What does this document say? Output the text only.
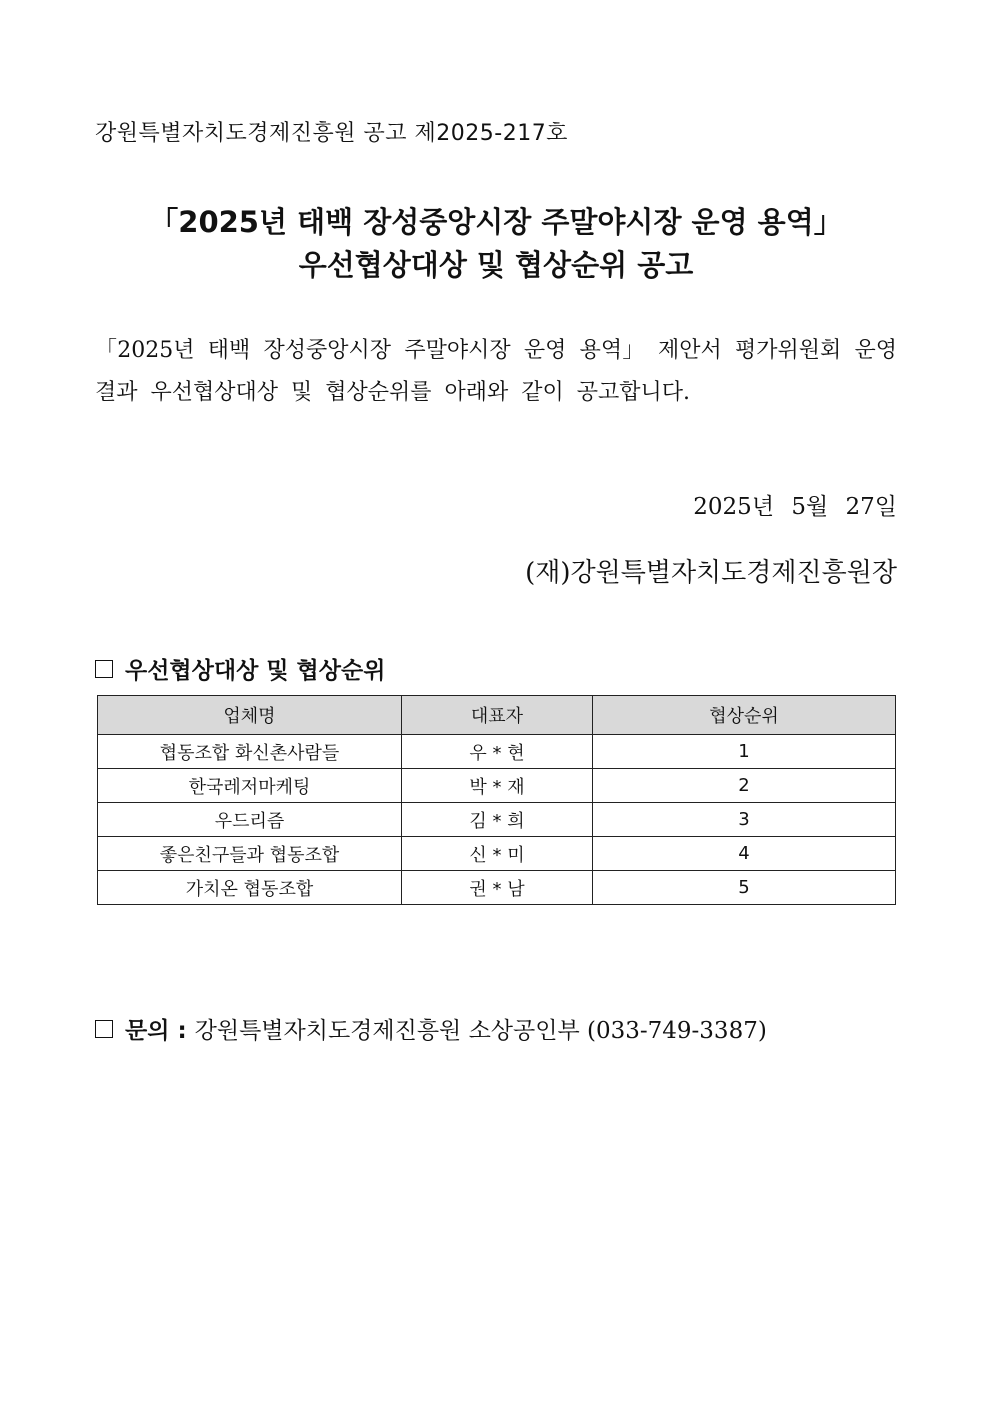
강원특별자치도경제진흥원 공고 제2025-217호
「2025년 태백 장성중앙시장 주말야시장 운영 용역」
우선협상대상 및 협상순위 공고
「2025년 태백 장성중앙시장 주말야시장 운영 용역」 제안서 평가위원회 운영 결과 우선협상대상 및 협상순위를 아래와 같이 공고합니다.
2025년 5월 27일
(재)강원특별자치도경제진흥원장
우선협상대상 및 협상순위
업체명	대표자	협상순위
협동조합 화신촌사람들	우 * 현	1
한국레저마케팅	박 * 재	2
우드리즘	김 * 희	3
좋은친구들과 협동조합	신 * 미	4
가치온 협동조합	권 * 남	5
문의 : 강원특별자치도경제진흥원 소상공인부 (033-749-3387)
